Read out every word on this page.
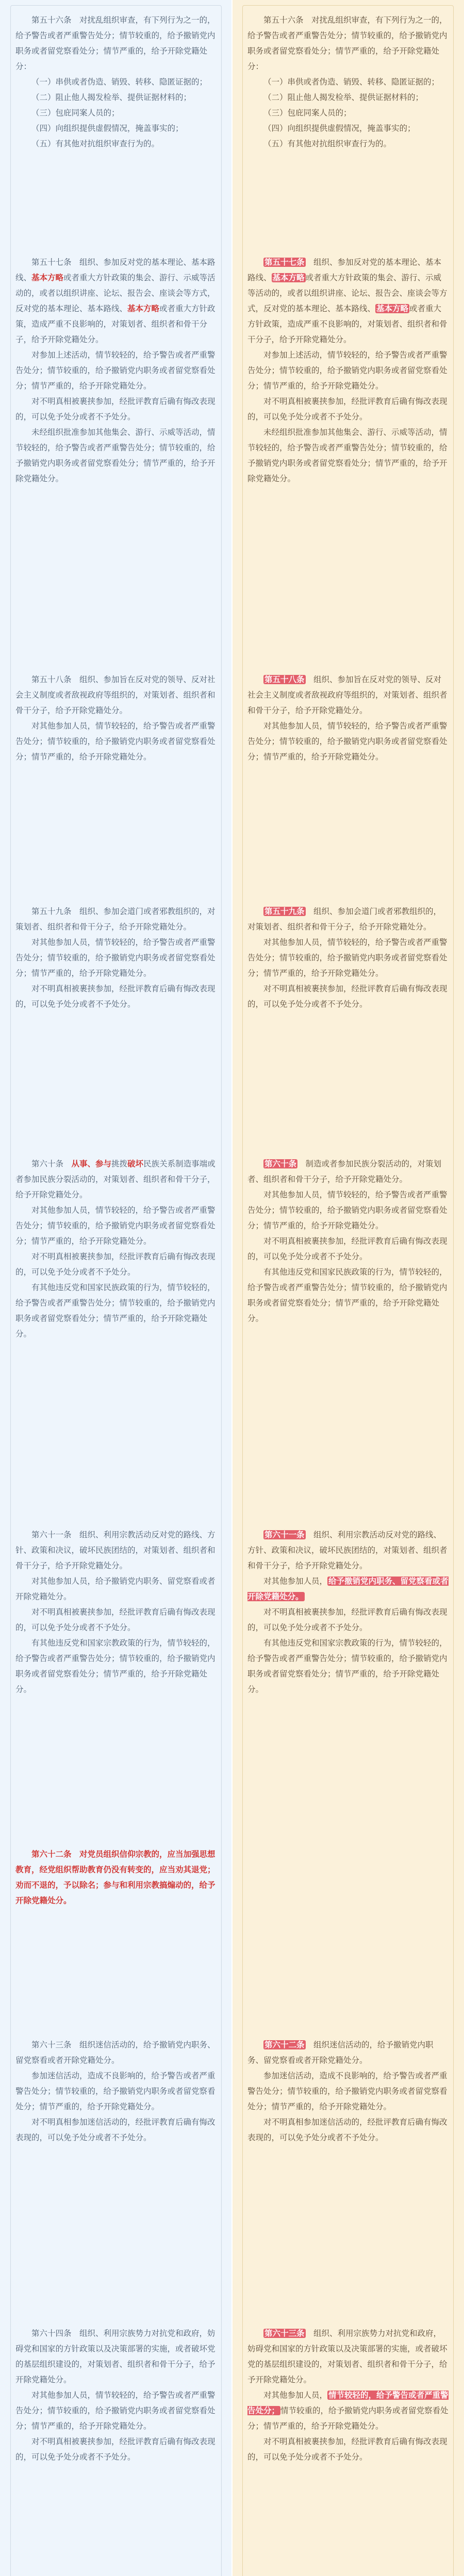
第五十六条　对扰乱组织审查，有下列行为之一的，给予警告或者严重警告处分；情节较重的，给予撤销党内职务或者留党察看处分；情节严重的，给予开除党籍处分：

（一）串供或者伪造、销毁、转移、隐匿证据的；

（二）阻止他人揭发检举、提供证据材料的；

（三）包庇同案人员的；

（四）向组织提供虚假情况，掩盖事实的；

（五）有其他对抗组织审查行为的。

第五十七条　组织、参加反对党的基本理论、基本路线、基本方略或者重大方针政策的集会、游行、示威等活动的，或者以组织讲座、论坛、报告会、座谈会等方式，反对党的基本理论、基本路线、基本方略或者重大方针政策，造成严重不良影响的，对策划者、组织者和骨干分子，给予开除党籍处分。

对参加上述活动，情节较轻的，给予警告或者严重警告处分；情节较重的，给予撤销党内职务或者留党察看处分；情节严重的，给予开除党籍处分。

对不明真相被裹挟参加，经批评教育后确有悔改表现的，可以免予处分或者不予处分。

未经组织批准参加其他集会、游行、示威等活动，情节较轻的，给予警告或者严重警告处分；情节较重的，给予撤销党内职务或者留党察看处分；情节严重的，给予开除党籍处分。

第五十八条　组织、参加旨在反对党的领导、反对社会主义制度或者敌视政府等组织的，对策划者、组织者和骨干分子，给予开除党籍处分。

对其他参加人员，情节较轻的，给予警告或者严重警告处分；情节较重的，给予撤销党内职务或者留党察看处分；情节严重的，给予开除党籍处分。

第五十九条　组织、参加会道门或者邪教组织的，对策划者、组织者和骨干分子，给予开除党籍处分。

对其他参加人员，情节较轻的，给予警告或者严重警告处分；情节较重的，给予撤销党内职务或者留党察看处分；情节严重的，给予开除党籍处分。

对不明真相被裹挟参加，经批评教育后确有悔改表现的，可以免予处分或者不予处分。

第六十条　从事、参与挑拨破坏民族关系制造事端或者参加民族分裂活动的，对策划者、组织者和骨干分子，给予开除党籍处分。

对其他参加人员，情节较轻的，给予警告或者严重警告处分；情节较重的，给予撤销党内职务或者留党察看处分；情节严重的，给予开除党籍处分。

对不明真相被裹挟参加，经批评教育后确有悔改表现的，可以免予处分或者不予处分。

有其他违反党和国家民族政策的行为，情节较轻的，给予警告或者严重警告处分；情节较重的，给予撤销党内职务或者留党察看处分；情节严重的，给予开除党籍处分。

第六十一条　组织、利用宗教活动反对党的路线、方针、政策和决议，破坏民族团结的，对策划者、组织者和骨干分子，给予开除党籍处分。

对其他参加人员，给予撤销党内职务、留党察看或者开除党籍处分。

对不明真相被裹挟参加，经批评教育后确有悔改表现的，可以免予处分或者不予处分。

有其他违反党和国家宗教政策的行为，情节较轻的，给予警告或者严重警告处分；情节较重的，给予撤销党内职务或者留党察看处分；情节严重的，给予开除党籍处分。

第六十二条　对党员组织信仰宗教的，应当加强思想教育，经党组织帮助教育仍没有转变的，应当劝其退党；劝而不退的，予以除名；参与和利用宗教搞煽动的，给予开除党籍处分。

第六十三条　组织迷信活动的，给予撤销党内职务、留党察看或者开除党籍处分。

参加迷信活动，造成不良影响的，给予警告或者严重警告处分；情节较重的，给予撤销党内职务或者留党察看处分；情节严重的，给予开除党籍处分。

对不明真相参加迷信活动的，经批评教育后确有悔改表现的，可以免予处分或者不予处分。

第六十四条　组织、利用宗族势力对抗党和政府，妨碍党和国家的方针政策以及决策部署的实施，或者破坏党的基层组织建设的，对策划者、组织者和骨干分子，给予开除党籍处分。

对其他参加人员，情节较轻的，给予警告或者严重警告处分；情节较重的，给予撤销党内职务或者留党察看处分；情节严重的，给予开除党籍处分。

对不明真相被裹挟参加，经批评教育后确有悔改表现的，可以免予处分或者不予处分。

第五十六条　对扰乱组织审查，有下列行为之一的，给予警告或者严重警告处分；情节较重的，给予撤销党内职务或者留党察看处分；情节严重的，给予开除党籍处分：

（一）串供或者伪造、销毁、转移、隐匿证据的；

（二）阻止他人揭发检举、提供证据材料的；

（三）包庇同案人员的；

（四）向组织提供虚假情况，掩盖事实的；

（五）有其他对抗组织审查行为的。

第五十七条　组织、参加反对党的基本理论、基本路线、 基本方略 或者重大方针政策的集会、游行、示威等活动的，或者以组织讲座、论坛、报告会、座谈会等方式，反对党的基本理论、基本路线、 基本方略 或者重大方针政策，造成严重不良影响的，对策划者、组织者和骨干分子，给予开除党籍处分。

对参加上述活动，情节较轻的，给予警告或者严重警告处分；情节较重的，给予撤销党内职务或者留党察看处分；情节严重的，给予开除党籍处分。

对不明真相被裹挟参加，经批评教育后确有悔改表现的，可以免予处分或者不予处分。

未经组织批准参加其他集会、游行、示威等活动，情节较轻的，给予警告或者严重警告处分；情节较重的，给予撤销党内职务或者留党察看处分；情节严重的，给予开除党籍处分。

第五十八条　组织、参加旨在反对党的领导、反对社会主义制度或者敌视政府等组织的，对策划者、组织者和骨干分子，给予开除党籍处分。

对其他参加人员，情节较轻的，给予警告或者严重警告处分；情节较重的，给予撤销党内职务或者留党察看处分；情节严重的，给予开除党籍处分。

第五十九条　组织、参加会道门或者邪教组织的，对策划者、组织者和骨干分子，给予开除党籍处分。

对其他参加人员，情节较轻的，给予警告或者严重警告处分；情节较重的，给予撤销党内职务或者留党察看处分；情节严重的，给予开除党籍处分。

对不明真相被裹挟参加，经批评教育后确有悔改表现的，可以免予处分或者不予处分。

第六十条　制造或者参加民族分裂活动的，对策划者、组织者和骨干分子，给予开除党籍处分。

对其他参加人员，情节较轻的，给予警告或者严重警告处分；情节较重的，给予撤销党内职务或者留党察看处分；情节严重的，给予开除党籍处分。

对不明真相被裹挟参加，经批评教育后确有悔改表现的，可以免予处分或者不予处分。

有其他违反党和国家民族政策的行为，情节较轻的，给予警告或者严重警告处分；情节较重的，给予撤销党内职务或者留党察看处分；情节严重的，给予开除党籍处分。

第六十一条　组织、利用宗教活动反对党的路线、方针、政策和决议，破坏民族团结的，对策划者、组织者和骨干分子，给予开除党籍处分。

对其他参加人员， 给予撤销党内职务、留党察看或者开除党籍处分。

对不明真相被裹挟参加，经批评教育后确有悔改表现的，可以免予处分或者不予处分。

有其他违反党和国家宗教政策的行为，情节较轻的，给予警告或者严重警告处分；情节较重的，给予撤销党内职务或者留党察看处分；情节严重的，给予开除党籍处分。

第六十二条　组织迷信活动的，给予撤销党内职务、留党察看或者开除党籍处分。

参加迷信活动，造成不良影响的，给予警告或者严重警告处分；情节较重的，给予撤销党内职务或者留党察看处分；情节严重的，给予开除党籍处分。

对不明真相参加迷信活动的，经批评教育后确有悔改表现的，可以免予处分或者不予处分。

第六十三条　组织、利用宗族势力对抗党和政府，妨碍党和国家的方针政策以及决策部署的实施，或者破坏党的基层组织建设的，对策划者、组织者和骨干分子，给予开除党籍处分。

对其他参加人员， 情节较轻的，给予警告或者严重警告处分； 情节较重的，给予撤销党内职务或者留党察看处分；情节严重的，给予开除党籍处分。

对不明真相被裹挟参加，经批评教育后确有悔改表现的，可以免予处分或者不予处分。
